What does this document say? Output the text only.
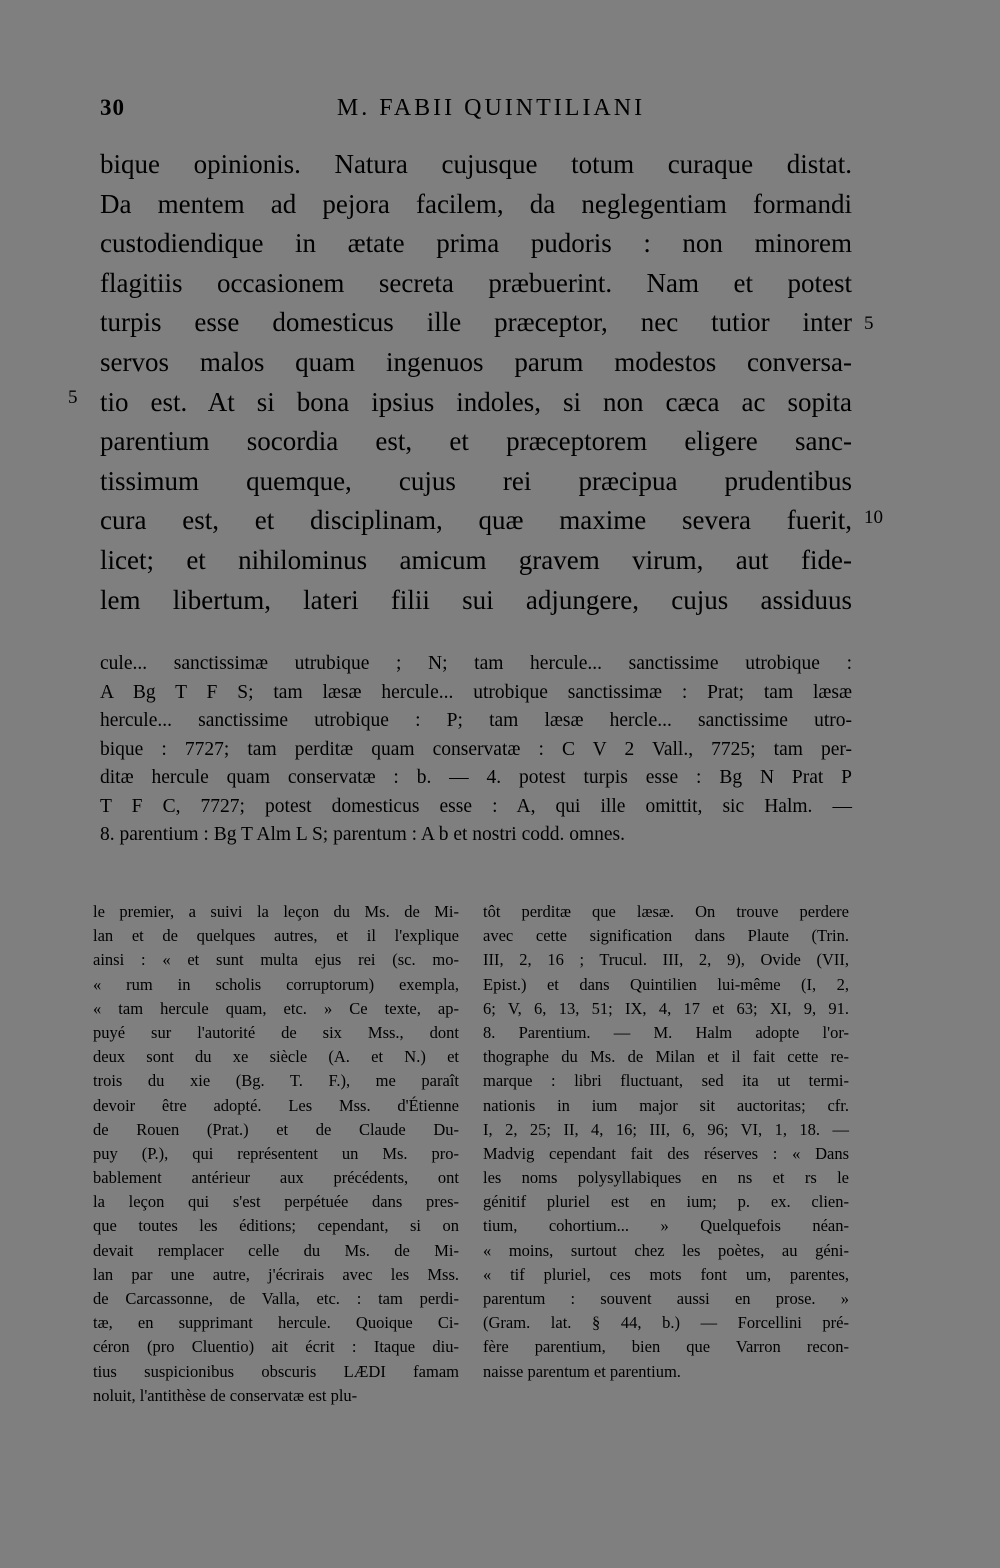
30	M. FABII QUINTILIANI
bique opinionis. Natura cujusque totum curaque distat.
Da mentem ad pejora facilem, da neglegentiam formandi
custodiendique in ætate prima pudoris : non minorem
flagitiis occasionem secreta præbuerint. Nam et potest
turpis esse domesticus ille præceptor, nec tutior inter
servos malos quam ingenuos parum modestos conversa-
tio est. At si bona ipsius indoles, si non cæca ac sopita
parentium socordia est, et præceptorem eligere sanc-
tissimum quemque, cujus rei præcipua prudentibus
cura est, et disciplinam, quæ maxime severa fuerit,
licet; et nihilominus amicum gravem virum, aut fide-
lem libertum, lateri filii sui adjungere, cujus assiduus
5
5
10
cule... sanctissimæ utrubique ; N; tam hercule... sanctissime utrobique :
A Bg T F S; tam læsæ hercule... utrobique sanctissimæ : Prat; tam læsæ
hercule... sanctissime utrobique : P; tam læsæ hercle... sanctissime utro-
bique : 7727; tam perditæ quam conservatæ : C V 2 Vall., 7725; tam per-
ditæ hercule quam conservatæ : b. — 4. potest turpis esse : Bg N Prat P
T F C, 7727; potest domesticus esse : A, qui ille omittit, sic Halm. —
8. parentium : Bg T Alm L S; parentum : A b et nostri codd. omnes.
le premier, a suivi la leçon du Ms. de Mi-
lan et de quelques autres, et il l'explique
ainsi : « et sunt multa ejus rei (sc. mo-
« rum in scholis corruptorum) exempla,
« tam hercule quam, etc. » Ce texte, ap-
puyé sur l'autorité de six Mss., dont
deux sont du xe siècle (A. et N.) et
trois du xie (Bg. T. F.), me paraît
devoir être adopté. Les Mss. d'Étienne
de Rouen (Prat.) et de Claude Du-
puy (P.), qui représentent un Ms. pro-
bablement antérieur aux précédents, ont
la leçon qui s'est perpétuée dans pres-
que toutes les éditions; cependant, si on
devait remplacer celle du Ms. de Mi-
lan par une autre, j'écrirais avec les Mss.
de Carcassonne, de Valla, etc. : tam perdi-
tæ, en supprimant hercule. Quoique Ci-
céron (pro Cluentio) ait écrit : Itaque diu-
tius suspicionibus obscuris LÆDI famam
noluit, l'antithèse de conservatæ est plu-
tôt perditæ que læsæ. On trouve perdere
avec cette signification dans Plaute (Trin.
III, 2, 16 ; Trucul. III, 2, 9), Ovide (VII,
Epist.) et dans Quintilien lui-même (I, 2,
6; V, 6, 13, 51; IX, 4, 17 et 63; XI, 9, 91.
8. Parentium. — M. Halm adopte l'or-
thographe du Ms. de Milan et il fait cette re-
marque : libri fluctuant, sed ita ut termi-
nationis in ium major sit auctoritas; cfr.
I, 2, 25; II, 4, 16; III, 6, 96; VI, 1, 18. —
Madvig cependant fait des réserves : « Dans
les noms polysyllabiques en ns et rs le
génitif pluriel est en ium; p. ex. clien-
tium, cohortium... » Quelquefois néan-
« moins, surtout chez les poètes, au géni-
« tif pluriel, ces mots font um, parentes,
parentum : souvent aussi en prose. »
(Gram. lat. § 44, b.) — Forcellini pré-
fère parentium, bien que Varron recon-
naisse parentum et parentium.
